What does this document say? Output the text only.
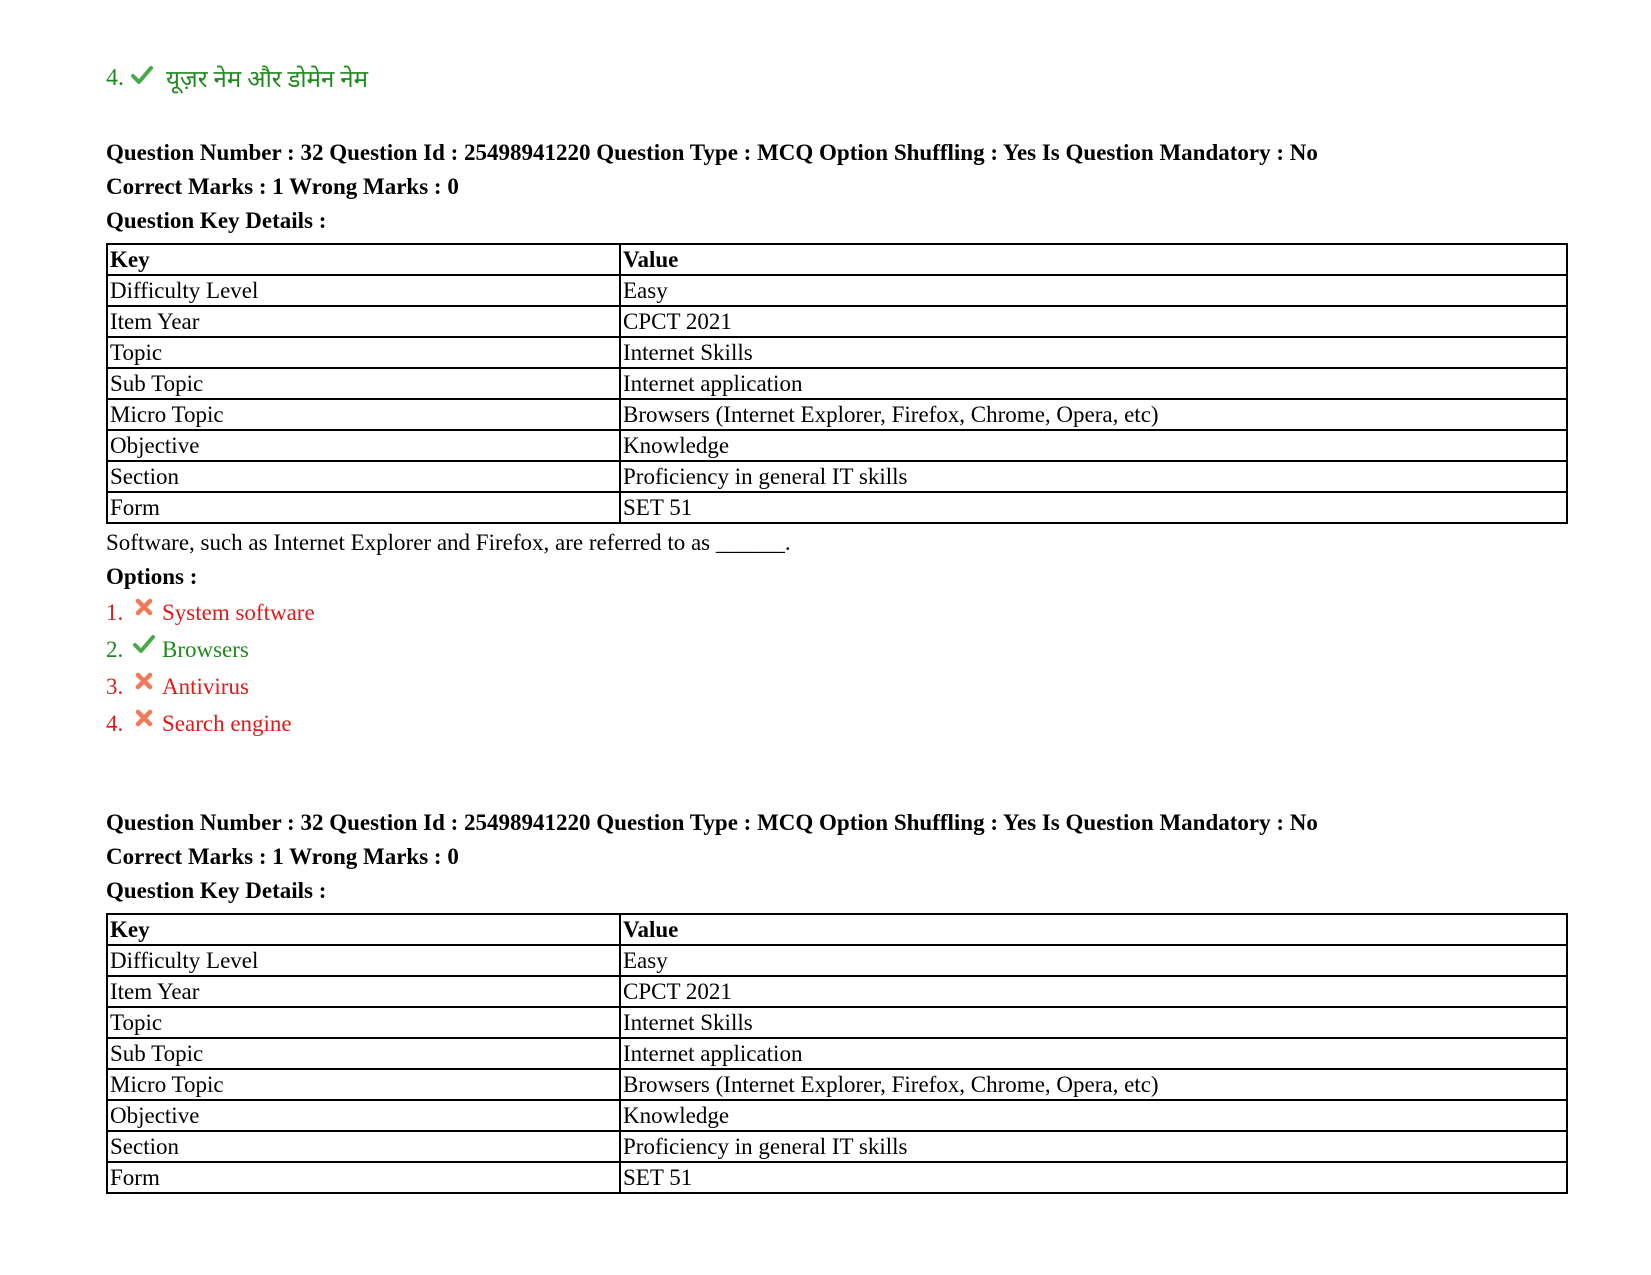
4. यूज़र नेम और डोमेन नेम
Question Number : 32 Question Id : 25498941220 Question Type : MCQ Option Shuffling : Yes Is Question Mandatory : No
Correct Marks : 1 Wrong Marks : 0
Question Key Details :
Key	Value
Difficulty Level	Easy
Item Year	CPCT 2021
Topic	Internet Skills
Sub Topic	Internet application
Micro Topic	Browsers (Internet Explorer, Firefox, Chrome, Opera, etc)
Objective	Knowledge
Section	Proficiency in general IT skills
Form	SET 51
Software, such as Internet Explorer and Firefox, are referred to as ______.
Options :
1.	System software
2.	Browsers
3.	Antivirus
4.	Search engine
Question Number : 32 Question Id : 25498941220 Question Type : MCQ Option Shuffling : Yes Is Question Mandatory : No
Correct Marks : 1 Wrong Marks : 0
Question Key Details :
Key	Value
Difficulty Level	Easy
Item Year	CPCT 2021
Topic	Internet Skills
Sub Topic	Internet application
Micro Topic	Browsers (Internet Explorer, Firefox, Chrome, Opera, etc)
Objective	Knowledge
Section	Proficiency in general IT skills
Form	SET 51
